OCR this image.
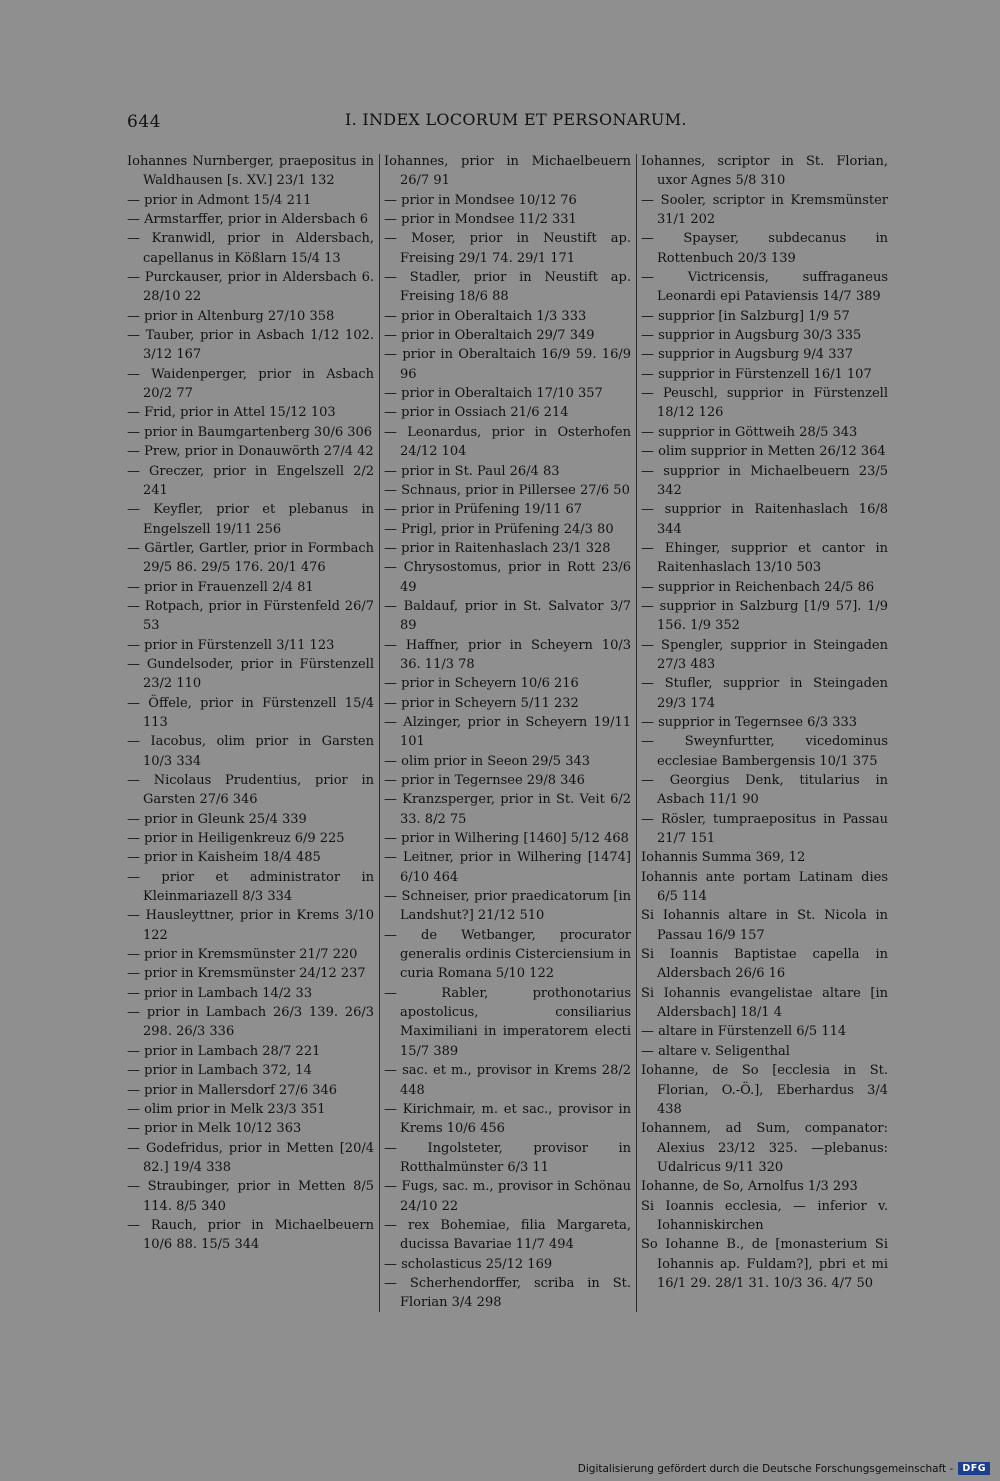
644	I. INDEX LOCORUM ET PERSONARUM.

Iohannes Nurnberger, praepositus in Waldhausen [s. XV.] 23/1 132

— prior in Admont 15/4 211

— Armstarffer, prior in Aldersbach 6

— Kranwidl, prior in Aldersbach, capellanus in Kößlarn 15/4 13

— Purckauser, prior in Aldersbach 6. 28/10 22

— prior in Altenburg 27/10 358

— Tauber, prior in Asbach 1/12 102. 3/12 167

— Waidenperger, prior in Asbach 20/2 77

— Frid, prior in Attel 15/12 103

— prior in Baumgartenberg 30/6 306

— Prew, prior in Donauwörth 27/4 42

— Greczer, prior in Engelszell 2/2 241

— Keyfler, prior et plebanus in Engelszell 19/11 256

— Gärtler, Gartler, prior in Formbach 29/5 86. 29/5 176. 20/1 476

— prior in Frauenzell 2/4 81

— Rotpach, prior in Fürstenfeld 26/7 53

— prior in Fürstenzell 3/11 123

— Gundelsoder, prior in Fürstenzell 23/2 110

— Öffele, prior in Fürstenzell 15/4 113

— Iacobus, olim prior in Garsten 10/3 334

— Nicolaus Prudentius, prior in Garsten 27/6 346

— prior in Gleunk 25/4 339

— prior in Heiligenkreuz 6/9 225

— prior in Kaisheim 18/4 485

— prior et administrator in Kleinmariazell 8/3 334

— Hausleyttner, prior in Krems 3/10 122

— prior in Kremsmünster 21/7 220

— prior in Kremsmünster 24/12 237

— prior in Lambach 14/2 33

— prior in Lambach 26/3 139. 26/3 298. 26/3 336

— prior in Lambach 28/7 221

— prior in Lambach 372, 14

— prior in Mallersdorf 27/6 346

— olim prior in Melk 23/3 351

— prior in Melk 10/12 363

— Godefridus, prior in Metten [20/4 82.] 19/4 338

— Straubinger, prior in Metten 8/5 114. 8/5 340

— Rauch, prior in Michaelbeuern 10/6 88. 15/5 344

Iohannes, prior in Michaelbeuern 26/7 91

— prior in Mondsee 10/12 76

— prior in Mondsee 11/2 331

— Moser, prior in Neustift ap. Freising 29/1 74. 29/1 171

— Stadler, prior in Neustift ap. Freising 18/6 88

— prior in Oberaltaich 1/3 333

— prior in Oberaltaich 29/7 349

— prior in Oberaltaich 16/9 59. 16/9 96

— prior in Oberaltaich 17/10 357

— prior in Ossiach 21/6 214

— Leonardus, prior in Osterhofen 24/12 104

— prior in St. Paul 26/4 83

— Schnaus, prior in Pillersee 27/6 50

— prior in Prüfening 19/11 67

— Prigl, prior in Prüfening 24/3 80

— prior in Raitenhaslach 23/1 328

— Chrysostomus, prior in Rott 23/6 49

— Baldauf, prior in St. Salvator 3/7 89

— Haffner, prior in Scheyern 10/3 36. 11/3 78

— prior in Scheyern 10/6 216

— prior in Scheyern 5/11 232

— Alzinger, prior in Scheyern 19/11 101

— olim prior in Seeon 29/5 343

— prior in Tegernsee 29/8 346

— Kranzsperger, prior in St. Veit 6/2 33. 8/2 75

— prior in Wilhering [1460] 5/12 468

— Leitner, prior in Wilhering [1474] 6/10 464

— Schneiser, prior praedicatorum [in Landshut?] 21/12 510

— de Wetbanger, procurator generalis ordinis Cisterciensium in curia Romana 5/10 122

— Rabler, prothonotarius apostolicus, consiliarius Maximiliani in imperatorem electi 15/7 389

— sac. et m., provisor in Krems 28/2 448

— Kirichmair, m. et sac., provisor in Krems 10/6 456

— Ingolsteter, provisor in Rotthalmünster 6/3 11

— Fugs, sac. m., provisor in Schönau 24/10 22

— rex Bohemiae, filia Margareta, ducissa Bavariae 11/7 494

— scholasticus 25/12 169

— Scherhendorffer, scriba in St. Florian 3/4 298

Iohannes, scriptor in St. Florian, uxor Agnes 5/8 310

— Sooler, scriptor in Kremsmünster 31/1 202

— Spayser, subdecanus in Rottenbuch 20/3 139

— Victricensis, suffraganeus Leonardi epi Pataviensis 14/7 389

— supprior [in Salzburg] 1/9 57

— supprior in Augsburg 30/3 335

— supprior in Augsburg 9/4 337

— supprior in Fürstenzell 16/1 107

— Peuschl, supprior in Fürstenzell 18/12 126

— supprior in Göttweih 28/5 343

— olim supprior in Metten 26/12 364

— supprior in Michaelbeuern 23/5 342

— supprior in Raitenhaslach 16/8 344

— Ehinger, supprior et cantor in Raitenhaslach 13/10 503

— supprior in Reichenbach 24/5 86

— supprior in Salzburg [1/9 57]. 1/9 156. 1/9 352

— Spengler, supprior in Steingaden 27/3 483

— Stufler, supprior in Steingaden 29/3 174

— supprior in Tegernsee 6/3 333

— Sweynfurtter, vicedominus ecclesiae Bambergensis 10/1 375

— Georgius Denk, titularius in Asbach 11/1 90

— Rösler, tumpraepositus in Passau 21/7 151

Iohannis Summa 369, 12

Iohannis ante portam Latinam dies 6/5 114

Si Iohannis altare in St. Nicola in Passau 16/9 157

Si Ioannis Baptistae capella in Aldersbach 26/6 16

Si Iohannis evangelistae altare [in Aldersbach] 18/1 4

— altare in Fürstenzell 6/5 114

— altare v. Seligenthal

Iohanne, de So [ecclesia in St. Florian, O.-Ö.], Eberhardus 3/4 438

Iohannem, ad Sum, companator: Alexius 23/12 325. —plebanus: Udalricus 9/11 320

Iohanne, de So, Arnolfus 1/3 293

Si Ioannis ecclesia, — inferior v. Iohanniskirchen

So Iohanne B., de [monasterium Si Iohannis ap. Fuldam?], pbri et mi 16/1 29. 28/1 31. 10/3 36. 4/7 50

Digitalisierung gefördert durch die Deutsche Forschungsgemeinschaft - DFG
